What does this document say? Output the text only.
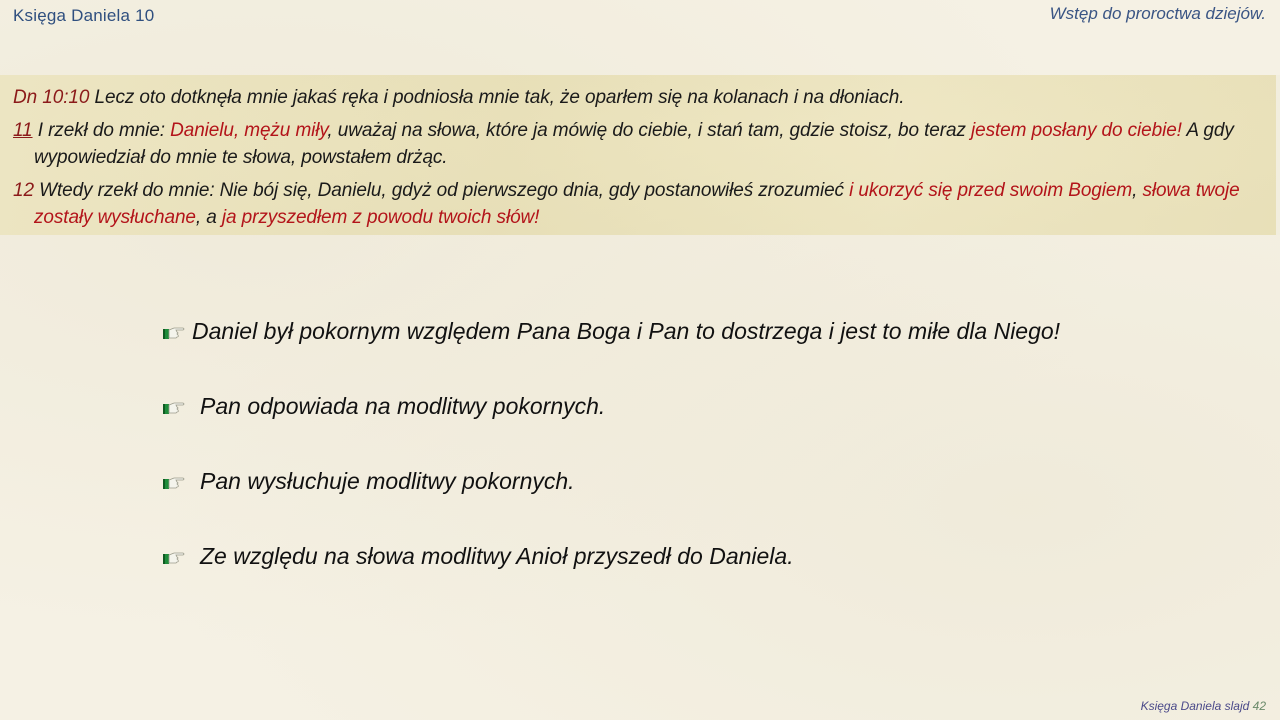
Księga Daniela 10	Wstęp do proroctwa dziejów.
Dn 10:10 Lecz oto dotknęła mnie jakaś ręka i podniosła mnie tak, że oparłem się na kolanach i na dłoniach.
11 I rzekł do mnie: Danielu, mężu miły, uważaj na słowa, które ja mówię do ciebie, i stań tam, gdzie stoisz, bo teraz jestem posłany do ciebie! A gdy wypowiedział do mnie te słowa, powstałem drżąc.
12 Wtedy rzekł do mnie: Nie bój się, Danielu, gdyż od pierwszego dnia, gdy postanowiłeś zrozumieć i ukorzyć się przed swoim Bogiem, słowa twoje zostały wysłuchane, a ja przyszedłem z powodu twoich słów!
Daniel był pokornym względem Pana Boga i Pan to dostrzega i jest to miłe dla Niego!
Pan odpowiada na modlitwy pokornych.
Pan wysłuchuje modlitwy pokornych.
Ze względu na słowa modlitwy Anioł przyszedł do Daniela.
Księga Daniela slajd 42
